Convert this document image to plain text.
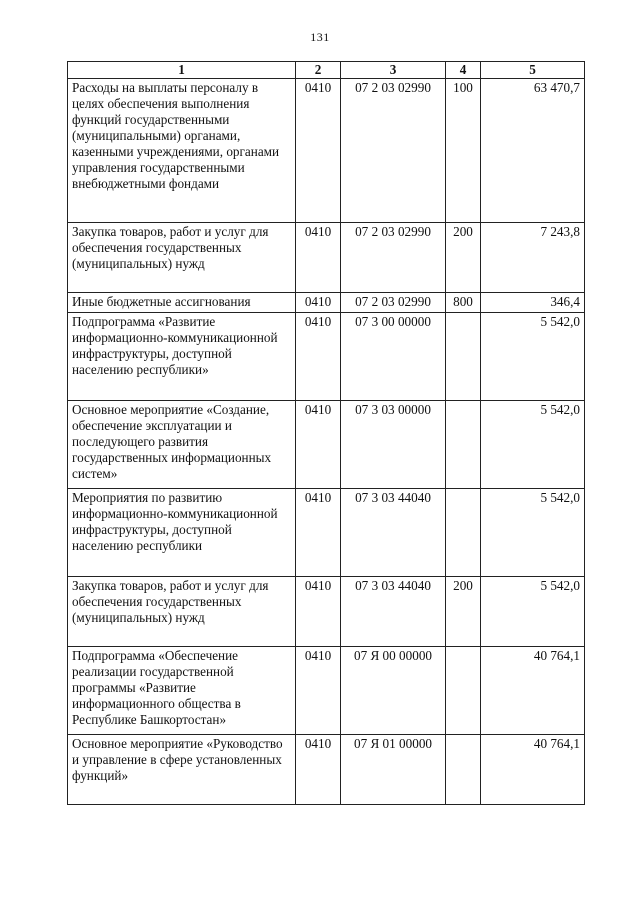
131
1	2	3	4	5
Расходы на выплаты персоналу в целях обеспечения выполнения функций государственными (муниципальными) органами, казенными учреждениями, органами управления государственными внебюджетными фондами	0410	07 2 03 02990	100	63 470,7
Закупка товаров, работ и услуг для обеспечения государственных (муниципальных) нужд	0410	07 2 03 02990	200	7 243,8
Иные бюджетные ассигнования	0410	07 2 03 02990	800	346,4
Подпрограмма «Развитие информационно-коммуникационной инфраструктуры, доступной населению республики»	0410	07 3 00 00000		5 542,0
Основное мероприятие «Создание, обеспечение эксплуатации и последующего развития государственных информационных систем»	0410	07 3 03 00000		5 542,0
Мероприятия по развитию информационно-коммуникационной инфраструктуры, доступной населению республики	0410	07 3 03 44040		5 542,0
Закупка товаров, работ и услуг для обеспечения государственных (муниципальных) нужд	0410	07 3 03 44040	200	5 542,0
Подпрограмма «Обеспечение реализации государственной программы «Развитие информационного общества в Республике Башкортостан»	0410	07 Я 00 00000		40 764,1
Основное мероприятие «Руководство и управление в сфере установленных функций»	0410	07 Я 01 00000		40 764,1
